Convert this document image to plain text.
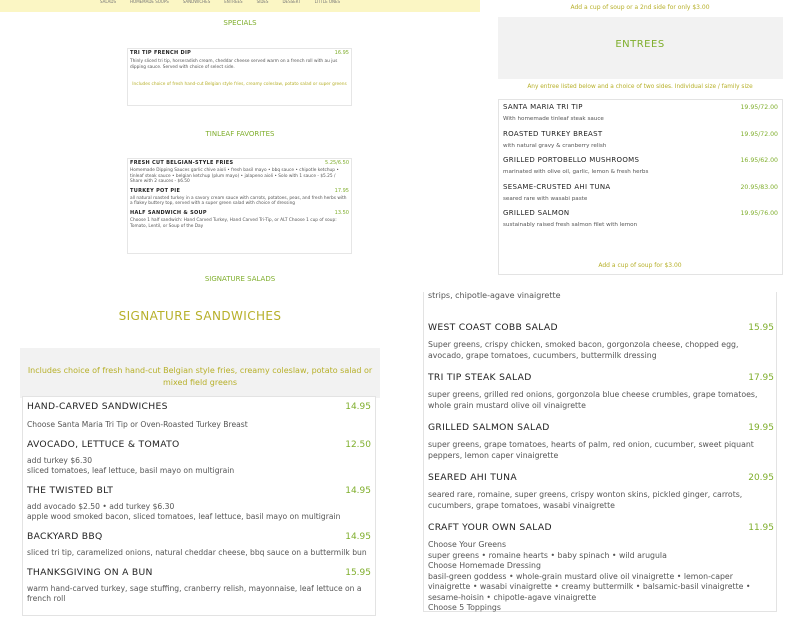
SALADS	HOMEMADE SOUPS	SANDWICHES	ENTREES	SIDES	DESSERT	LITTLE ONES
SPECIALS
TRI TIP FRENCH DIP	16.95
Thinly sliced tri tip, horseradish cream, cheddar cheese served warm on a french roll with au jus dipping sauce. Served with choice of select side.
Includes choice of fresh hand-cut Belgian style fries, creamy coleslaw, potato salad or super greens
TINLEAF FAVORITES
FRESH CUT BELGIAN-STYLE FRIES	5.25/6.50
Homemade Dipping Sauces garlic chive aioli • fresh basil mayo • bbq sauce • chipotle ketchup • tinleaf steak sauce • belgian ketchup (plum mayo) • jalapeno aioli • Solo with 1 sauce - $5.25 / Share with 2 sauces - $6.50
TURKEY POT PIE	17.95
all natural roasted turkey in a savory cream sauce with carrots, potatoes, peas, and fresh herbs with a flakey buttery top, served with a super green salad with choice of dressing
HALF SANDWICH & SOUP	13.50
Choose 1 half sandwich: Hand Carved Turkey, Hand Carved Tri-Tip, or ALT Choose 1 cup of soup: Tomato, Lentil, or Soup of the Day
SIGNATURE SALADS
Add a cup of soup or a 2nd side for only $3.00
ENTREES
Any entree listed below and a choice of two sides. Individual size / family size
SANTA MARIA TRI TIP	19.95/72.00
With homemade tinleaf steak sauce
ROASTED TURKEY BREAST	19.95/72.00
with natural gravy & cranberry relish
GRILLED PORTOBELLO MUSHROOMS	16.95/62.00
marinated with olive oil, garlic, lemon & fresh herbs
SESAME-CRUSTED AHI TUNA	20.95/83.00
seared rare with wasabi paste
GRILLED SALMON	19.95/76.00
sustainably raised fresh salmon filet with lemon
Add a cup of soup for $3.00
SIGNATURE SANDWICHES
Includes choice of fresh hand-cut Belgian style fries, creamy coleslaw, potato salad or mixed field greens
HAND-CARVED SANDWICHES	14.95
Choose Santa Maria Tri Tip or Oven-Roasted Turkey Breast
AVOCADO, LETTUCE & TOMATO	12.50
add turkey $6.30
sliced tomatoes, leaf lettuce, basil mayo on multigrain
THE TWISTED BLT	14.95
add avocado $2.50 • add turkey $6.30
apple wood smoked bacon, sliced tomatoes, leaf lettuce, basil mayo on multigrain
BACKYARD BBQ	14.95
sliced tri tip, caramelized onions, natural cheddar cheese, bbq sauce on a buttermilk bun
THANKSGIVING ON A BUN	15.95
warm hand-carved turkey, sage stuffing, cranberry relish, mayonnaise, leaf lettuce on a french roll
strips, chipotle-agave vinaigrette
WEST COAST COBB SALAD	15.95
Super greens, crispy chicken, smoked bacon, gorgonzola cheese, chopped egg, avocado, grape tomatoes, cucumbers, buttermilk dressing
TRI TIP STEAK SALAD	17.95
super greens, grilled red onions, gorgonzola blue cheese crumbles, grape tomatoes, whole grain mustard olive oil vinaigrette
GRILLED SALMON SALAD	19.95
super greens, grape tomatoes, hearts of palm, red onion, cucumber, sweet piquant peppers, lemon caper vinaigrette
SEARED AHI TUNA	20.95
seared rare, romaine, super greens, crispy wonton skins, pickled ginger, carrots, cucumbers, grape tomatoes, wasabi vinaigrette
CRAFT YOUR OWN SALAD	11.95
Choose Your Greens
super greens • romaine hearts • baby spinach • wild arugula
Choose Homemade Dressing
basil-green goddess • whole-grain mustard olive oil vinaigrette • lemon-caper vinaigrette • wasabi vinaigrette • creamy buttermilk • balsamic-basil vinaigrette • sesame-hoisin • chipotle-agave vinaigrette
Choose 5 Toppings
